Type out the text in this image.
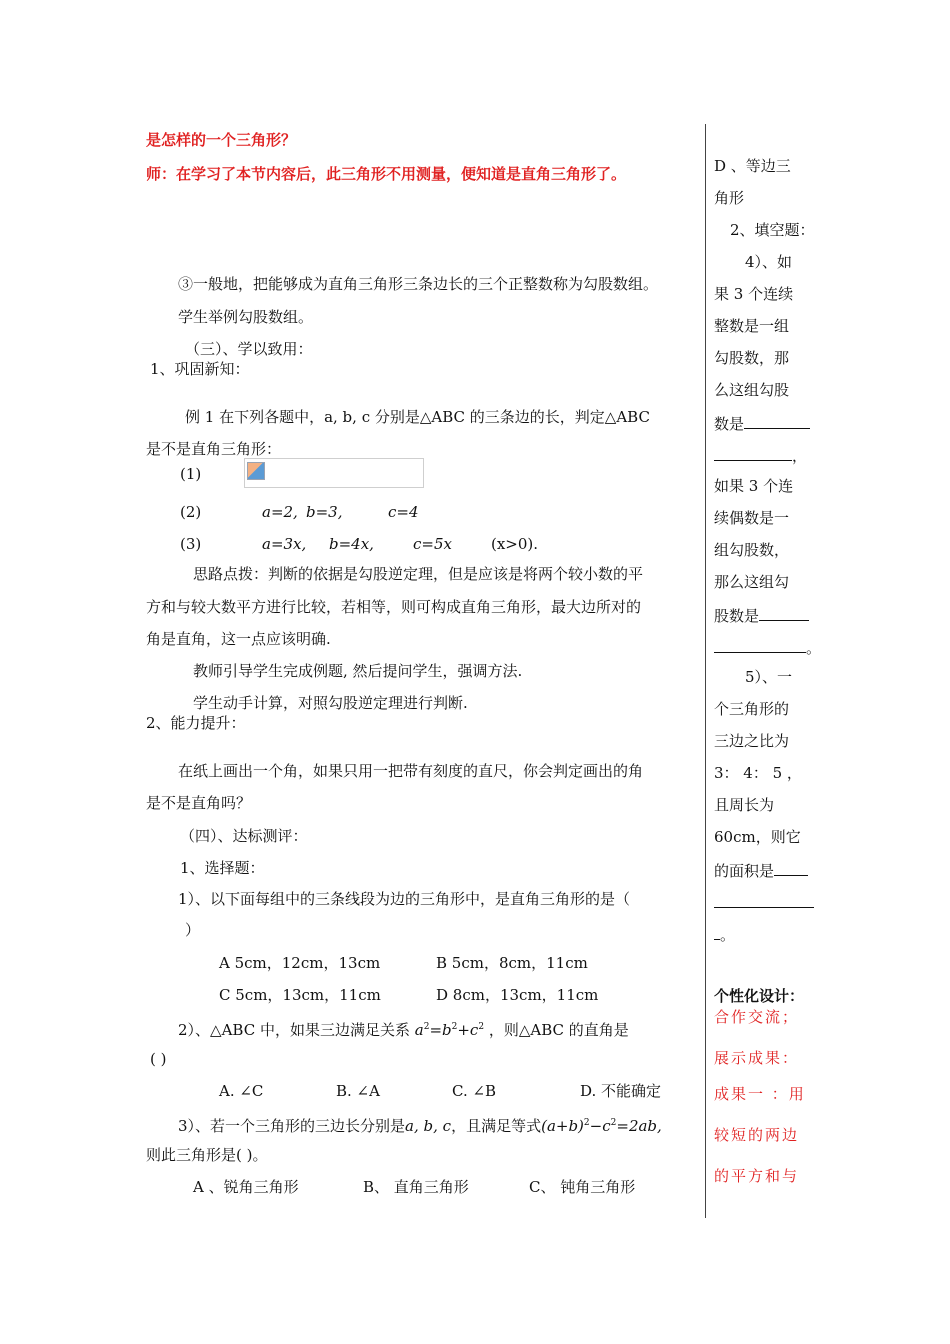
是怎样的一个三角形？
师：在学习了本节内容后，此三角形不用测量，便知道是直角三角形了。
③一般地，把能够成为直角三角形三条边长的三个正整数称为勾股数组。
学生举例勾股数组。
（三）、学以致用：
1、巩固新知：
例 1 在下列各题中，a, b, c 分别是△ABC 的三条边的长，判定△ABC
是不是直角三角形：
(1)
(2)	a=2, b=3,	c=4
(3)	a=3x, b=4x,	c=5x	(x>0).
思路点拨：判断的依据是勾股逆定理，但是应该是将两个较小数的平
方和与较大数平方进行比较，若相等，则可构成直角三角形，最大边所对的
角是直角，这一点应该明确.
教师引导学生完成例题, 然后提问学生，强调方法.
学生动手计算，对照勾股逆定理进行判断.
2、能力提升：
在纸上画出一个角，如果只用一把带有刻度的直尺，你会判定画出的角
是不是直角吗？
（四）、达标测评：
1、选择题：
1）、以下面每组中的三条线段为边的三角形中，是直角三角形的是（
）
A 5cm，12cm，13cm	B 5cm，8cm，11cm
C 5cm，13cm，11cm	D 8cm，13cm，11cm
2）、△ABC 中，如果三边满足关系 $a^2=b^2+c^2$ ，则△ABC 的直角是
( )
A. ∠C	B. ∠A	C. ∠B	D. 不能确定
3）、若一个三角形的三边长分别是a, b, c，且满足等式$(a+b)^2-c^2=2ab$,
则此三角形是( )。
A 、锐角三角形	B、 直角三角形	C、 钝角三角形
D 、等边三
角形
2、填空题：
4）、如
果 3 个连续
整数是一组
勾股数，那
么这组勾股
数是
，
如果 3 个连
续偶数是一
组勾股数，
那么这组勾
股数是
。
5）、一
个三角形的
三边之比为
3： 4： 5 ，
且周长为
60cm，则它
的面积是
。
个性化设计：
合作交流；
展示成果：
成果一 ：用
较短的两边
的平方和与
